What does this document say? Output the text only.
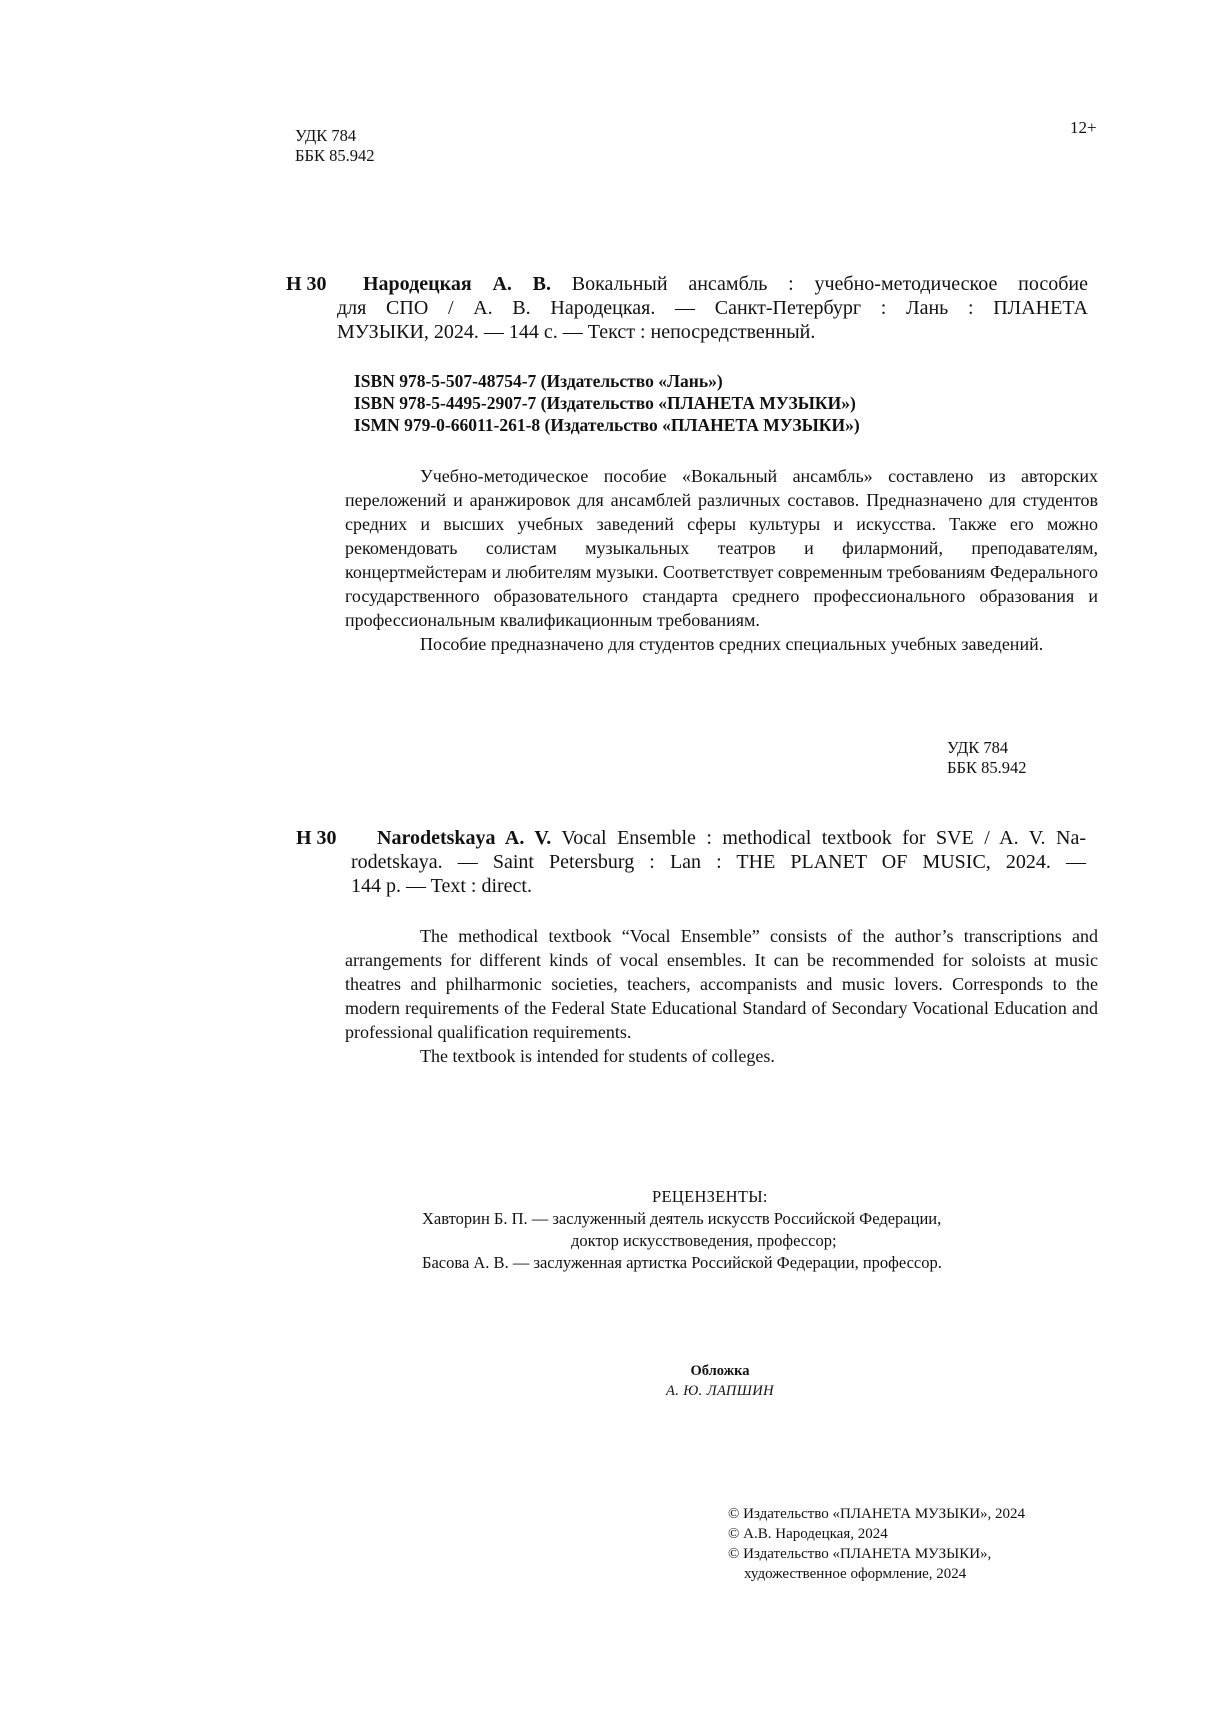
УДК 784
ББК 85.942
12+
Н 30 Народецкая А. В. Вокальный ансамбль : учебно-методическое пособие
для СПО / А. В. Народецкая. — Санкт-Петербург : Лань : ПЛАНЕТА
МУЗЫКИ, 2024. — 144 с. — Текст : непосредственный.
ISBN 978-5-507-48754-7 (Издательство «Лань»)
ISBN 978-5-4495-2907-7 (Издательство «ПЛАНЕТА МУЗЫКИ»)
ISMN 979-0-66011-261-8 (Издательство «ПЛАНЕТА МУЗЫКИ»)

Учебно-методическое пособие «Вокальный ансамбль» составлено из авторских переложений и аранжировок для ансамблей различных составов. Предназначено для студентов средних и высших учебных заведений сферы культуры и искусства. Также его можно рекомендовать солистам музыкальных театров и филармоний, преподавателям, концертмейстерам и любителям музыки. Соответствует современным требованиям Федерального государственного образовательного стандарта среднего профессионального образования и профессиональным квалификационным требованиям.

Пособие предназначено для студентов средних специальных учебных заведений.

УДК 784
ББК 85.942
Н 30 Narodetskaya A. V. Vocal Ensemble : methodical textbook for SVE / A. V. Na-
rodetskaya. — Saint Petersburg : Lan : THE PLANET OF MUSIC, 2024. —
144 p. — Text : direct.

The methodical textbook “Vocal Ensemble” consists of the author’s transcriptions and arrangements for different kinds of vocal ensembles. It can be recommended for soloists at music theatres and philharmonic societies, teachers, accompanists and music lovers. Corresponds to the modern requirements of the Federal State Educational Standard of Secondary Vocational Education and professional qualification requirements.

The textbook is intended for students of colleges.

РЕЦЕНЗЕНТЫ:
Хавторин Б. П. — заслуженный деятель искусств Российской Федерации,
доктор искусствоведения, профессор;
Басова А. В. — заслуженная артистка Российской Федерации, профессор.
Обложка
А. Ю. ЛАПШИН
© Издательство «ПЛАНЕТА МУЗЫКИ», 2024
© А.В. Народецкая, 2024
© Издательство «ПЛАНЕТА МУЗЫКИ»,
художественное оформление, 2024
